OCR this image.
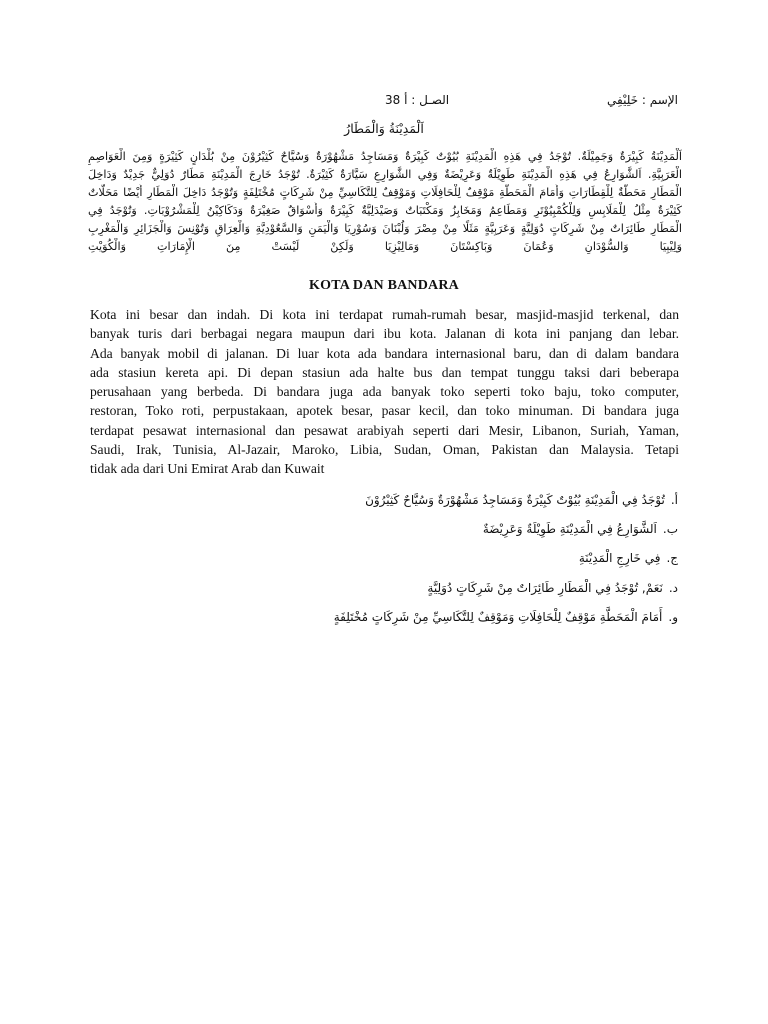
الإسم : خَلِيْفِي
الصـل : أ 38
اَلْمَدِيْنَةُ وَالْمَطَارُ
اَلْمَدِيْنَةُ كَبِيْرَةٌ وَجَمِيْلَةٌ. تُوْجَدُ فِي هَذِهِ الْمَدِيْنَةِ بُيُوْتٌ كَبِيْرَةٌ وَمَسَاجِدُ مَشْهُوْرَةٌ وَسُيَّاحٌ كَثِيْرُوْنَ مِنْ بُلْدَانٍ كَثِيْرَةٍ وَمِنَ الْعَوَاصِمِ
الْعَرَبِيَّةِ. اَلشَّوَارِعُ فِي هَذِهِ الْمَدِيْنَةِ طَوِيْلَةٌ وَعَرِيْضَةٌ وَفِي الشَّوَارِعِ سَيَّارَةٌ كَثِيْرَةٌ. تُوْجَدُ خَارِجَ الْمَدِيْنَةِ مَطَارٌ دُوَلِيٌّ جَدِيْدٌ وَدَاخِلَ
الْمَطَارِ مَحَطَّةٌ لِلْقِطَارَاتِ وَأَمَامَ الْمَحَطَّةِ مَوْقِفٌ لِلْحَافِلَاتِ وَمَوْقِفٌ لِلتَّكَاسِيِّ مِنْ شَرِكَاتٍ مُخْتَلِفَةٍ وَتُوْجَدُ دَاخِلَ الْمَطَارِ أَيْضًا مَحَلَّاتٌ
كَثِيْرَةٌ مِثْلُ لِلْمَلَابِسِ وَلِلْكُمْبِيُوْتَرِ وَمَطَاعِمُ وَمَخَابِزُ وَمَكْتَبَاتٌ وَصَيْدَلِيَّةٌ كَبِيْرَةٌ وَأَسْوَاقٌ صَغِيْرَةٌ وَدَكَاكِيْنُ لِلْمَشْرُوْبَاتِ. وَتُوْجَدُ فِي
الْمَطَارِ طَائِرَاتٌ مِنْ شَرِكَاتٍ دُوَلِيَّةٍ وَعَرَبِيَّةٍ مَثَلًا مِنْ مِصْرَ وَلُبْنَانَ وَسُوْرِيَا وَالْيَمَنِ وَالسَّعُوْدِيَّةِ وَالْعِرَاقِ وَتُوْنِسَ وَالْجَزَائِرِ وَالْمَغْرِبِ
وَلِيْبِيَا وَالسُّوْدَانِ وَعُمَانَ وَبَاكِسْتَانَ وَمَالِيْزِيَا وَلَكِنْ لَيْسَتْ مِنَ الْإِمَارَاتِ وَالْكُوَيْتِ
KOTA DAN BANDARA
Kota ini besar dan indah. Di kota ini terdapat rumah-rumah besar, masjid-masjid terkenal, dan
banyak turis dari berbagai negara maupun dari ibu kota. Jalanan di kota ini panjang dan lebar.
Ada banyak mobil di jalanan. Di luar kota ada bandara internasional baru, dan di dalam bandara
ada stasiun kereta api. Di depan stasiun ada halte bus dan tempat tunggu taksi dari beberapa
perusahaan yang berbeda. Di bandara juga ada banyak toko seperti toko baju, toko computer,
restoran, Toko roti, perpustakaan, apotek besar, pasar kecil, dan toko minuman. Di bandara juga
terdapat pesawat internasional dan pesawat arabiyah seperti dari Mesir, Libanon, Suriah, Yaman,
Saudi, Irak, Tunisia, Al-Jazair, Maroko, Libia, Sudan, Oman, Pakistan dan Malaysia. Tetapi
tidak ada dari Uni Emirat Arab dan Kuwait
أ.تُوْجَدُ فِي الْمَدِيْنَةِ بُيُوْتٌ كَبِيْرَةٌ وَمَسَاجِدُ مَشْهُوْرَةٌ وَسُيَّاحٌ كَثِيْرُوْنَ
ب.اَلشَّوَارِعُ فِي الْمَدِيْنَةِ طَوِيْلَةٌ وَعَرِيْضَةٌ
ج.فِي خَارِجِ الْمَدِيْنَةِ
د.نَعَمْ, تُوْجَدُ فِي الْمَطَارِ طَائِرَاتٌ مِنْ شَرِكَاتٍ دُوَلِيَّةٍ
و.أَمَامَ الْمَحَطَّةِ مَوْقِفٌ لِلْحَافِلَاتِ وَمَوْقِفٌ لِلتَّكَاسِيِّ مِنْ شَرِكَاتٍ مُخْتَلِفَةٍ
